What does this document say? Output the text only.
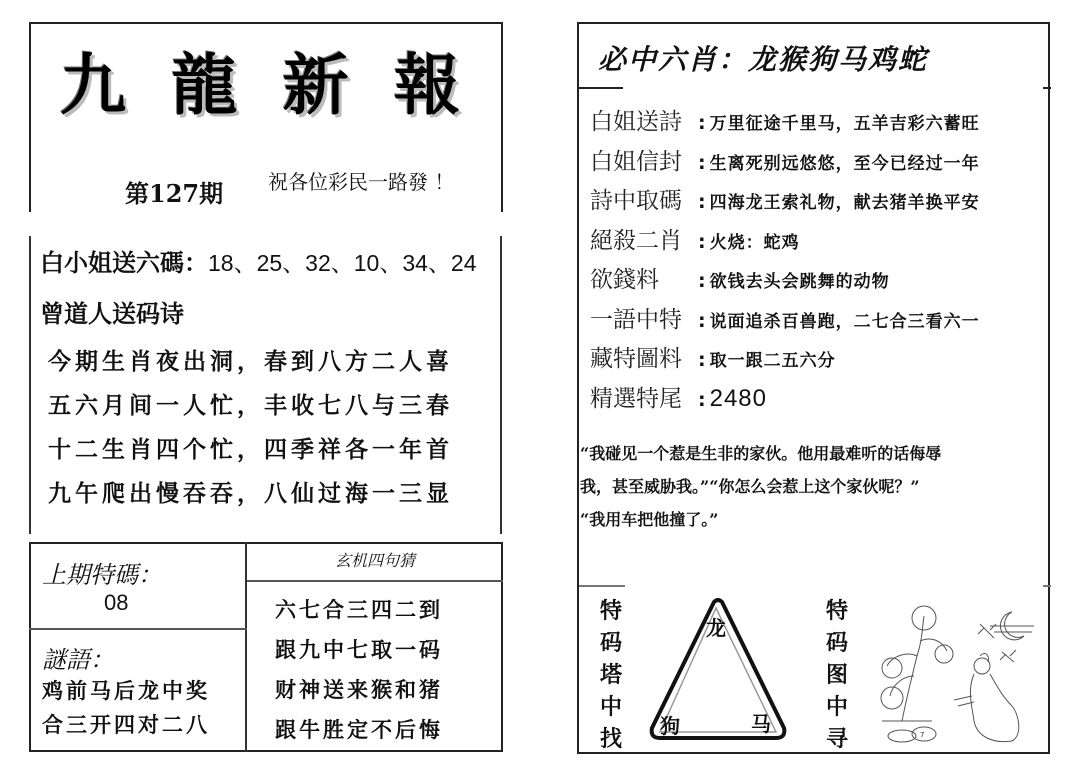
九 龍 新 報
第127期 祝各位彩民一路發 ！
白小姐送六碼：18、25、32、10、34、24
曾道人送码诗
今期生肖夜出洞，春到八方二人喜
五六月间一人忙，丰收七八与三春
十二生肖四个忙，四季祥各一年首
九午爬出慢吞吞，八仙过海一三显
上期特碼：
08
謎語：
鸡前马后龙中奖
合三开四对二八
玄机四句猜
六七合三四二到
跟九中七取一码
财神送来猴和猪
跟牛胜定不后悔
必中六肖：龙猴狗马鸡蛇
白姐送詩 : 万里征途千里马，五羊吉彩六蓄旺
白姐信封 : 生离死别远悠悠，至今已经过一年
詩中取碼 : 四海龙王索礼物，献去猪羊换平安
絕殺二肖 : 火烧：蛇鸡
欲錢料	: 欲钱去头会跳舞的动物
一語中特 : 说面追杀百兽跑，二七合三看六一
藏特圖料 : 取一跟二五六分
精選特尾 : 2480
“我碰见一个惹是生非的家伙。他用最难听的话侮辱
我，甚至威胁我。”“你怎么会惹上这个家伙呢？”
“我用车把他撞了。”
特
码
塔
中
找
龙
狗	马
特
码
图
中
寻	7
